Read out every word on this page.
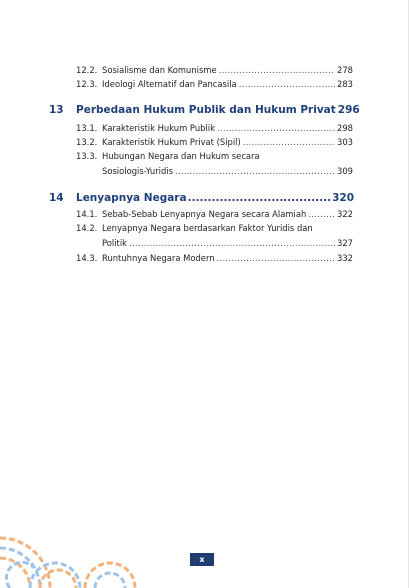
12.2. Sosialisme dan Komunisme .....	278
12.3. Ideologi Alternatif dan Pancasila .....	283
13	Perbedaan Hukum Publik dan Hukum Privat 296
13.1. Karakteristik Hukum Publik .....	298
13.2. Karakteristik Hukum Privat (Sipil) .....	303
13.3. Hubungan Negara dan Hukum secara
Sosiologis-Yuridis .....	309
14	Lenyapnya Negara .....	320
14.1. Sebab-Sebab Lenyapnya Negara secara Alamiah .....	322
14.2. Lenyapnya Negara berdasarkan Faktor Yuridis dan
Politik .....	327
14.3. Runtuhnya Negara Modern .....	332
x
